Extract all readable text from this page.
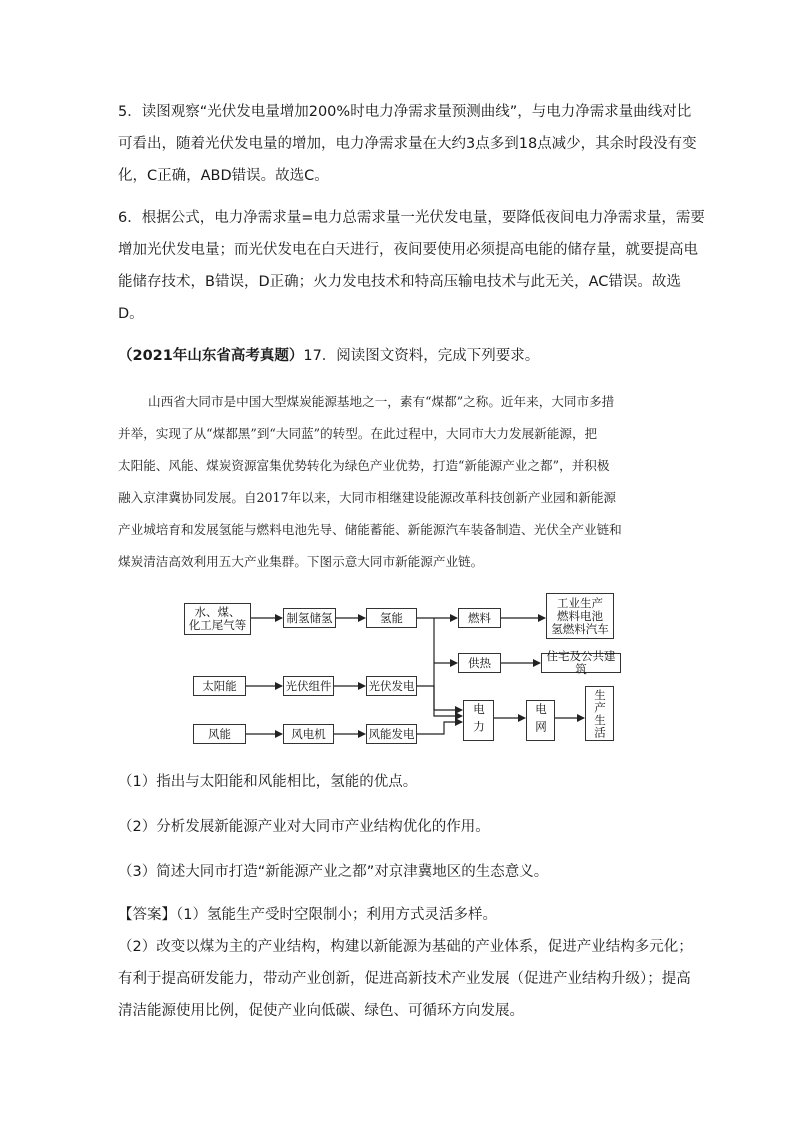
5．读图观察“光伏发电量增加200%时电力净需求量预测曲线”，与电力净需求量曲线对比
可看出，随着光伏发电量的增加，电力净需求量在大约3点多到18点减少，其余时段没有变
化，C正确，ABD错误。故选C。
6．根据公式，电力净需求量=电力总需求量一光伏发电量，要降低夜间电力净需求量，需要
增加光伏发电量；而光伏发电在白天进行，夜间要使用必须提高电能的储存量，就要提高电
能储存技术，B错误，D正确；火力发电技术和特高压输电技术与此无关，AC错误。故选
D。
（2021年山东省高考真题）17．阅读图文资料，完成下列要求。
山西省大同市是中国大型煤炭能源基地之一，素有“煤都”之称。近年来，大同市多措
并举，实现了从“煤都黑”到“大同蓝”的转型。在此过程中，大同市大力发展新能源，把
太阳能、风能、煤炭资源富集优势转化为绿色产业优势，打造“新能源产业之都”，并积极
融入京津冀协同发展。自2017年以来，大同市相继建设能源改革科技创新产业园和新能源
产业城培育和发展氢能与燃料电池先导、储能蓄能、新能源汽车装备制造、光伏全产业链和
煤炭清洁高效利用五大产业集群。下图示意大同市新能源产业链。
水、煤、
化工尾气等
制氢储氢	氢能	燃料
工业生产
燃料电池
氢燃料汽车
供热	住宅及公共建筑
太阳能	光伏组件	光伏发电
风能	风电机	风能发电	电力	电网	生产生活
（1）指出与太阳能和风能相比，氢能的优点。
（2）分析发展新能源产业对大同市产业结构优化的作用。
（3）简述大同市打造“新能源产业之都”对京津冀地区的生态意义。
【答案】（1）氢能生产受时空限制小；利用方式灵活多样。
（2）改变以煤为主的产业结构，构建以新能源为基础的产业体系，促进产业结构多元化；
有利于提高研发能力，带动产业创新，促进高新技术产业发展（促进产业结构升级）；提高
清洁能源使用比例，促使产业向低碳、绿色、可循环方向发展。
